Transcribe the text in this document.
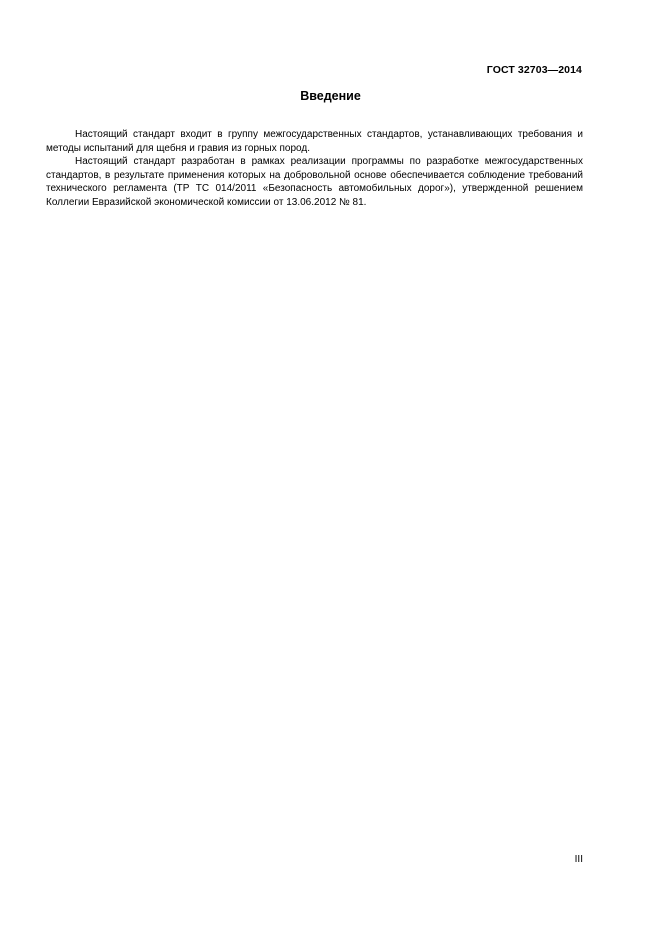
ГОСТ 32703—2014
Введение

Настоящий стандарт входит в группу межгосударственных стандартов, устанавливающих требования и методы испытаний для щебня и гравия из горных пород.

Настоящий стандарт разработан в рамках реализации программы по разработке межгосударственных стандартов, в результате применения которых на добровольной основе обеспечивается соблюдение требований технического регламента (ТР ТС 014/2011 «Безопасность автомобильных дорог»), утвержденной решением Коллегии Евразийской экономической комиссии от 13.06.2012 № 81.

III
